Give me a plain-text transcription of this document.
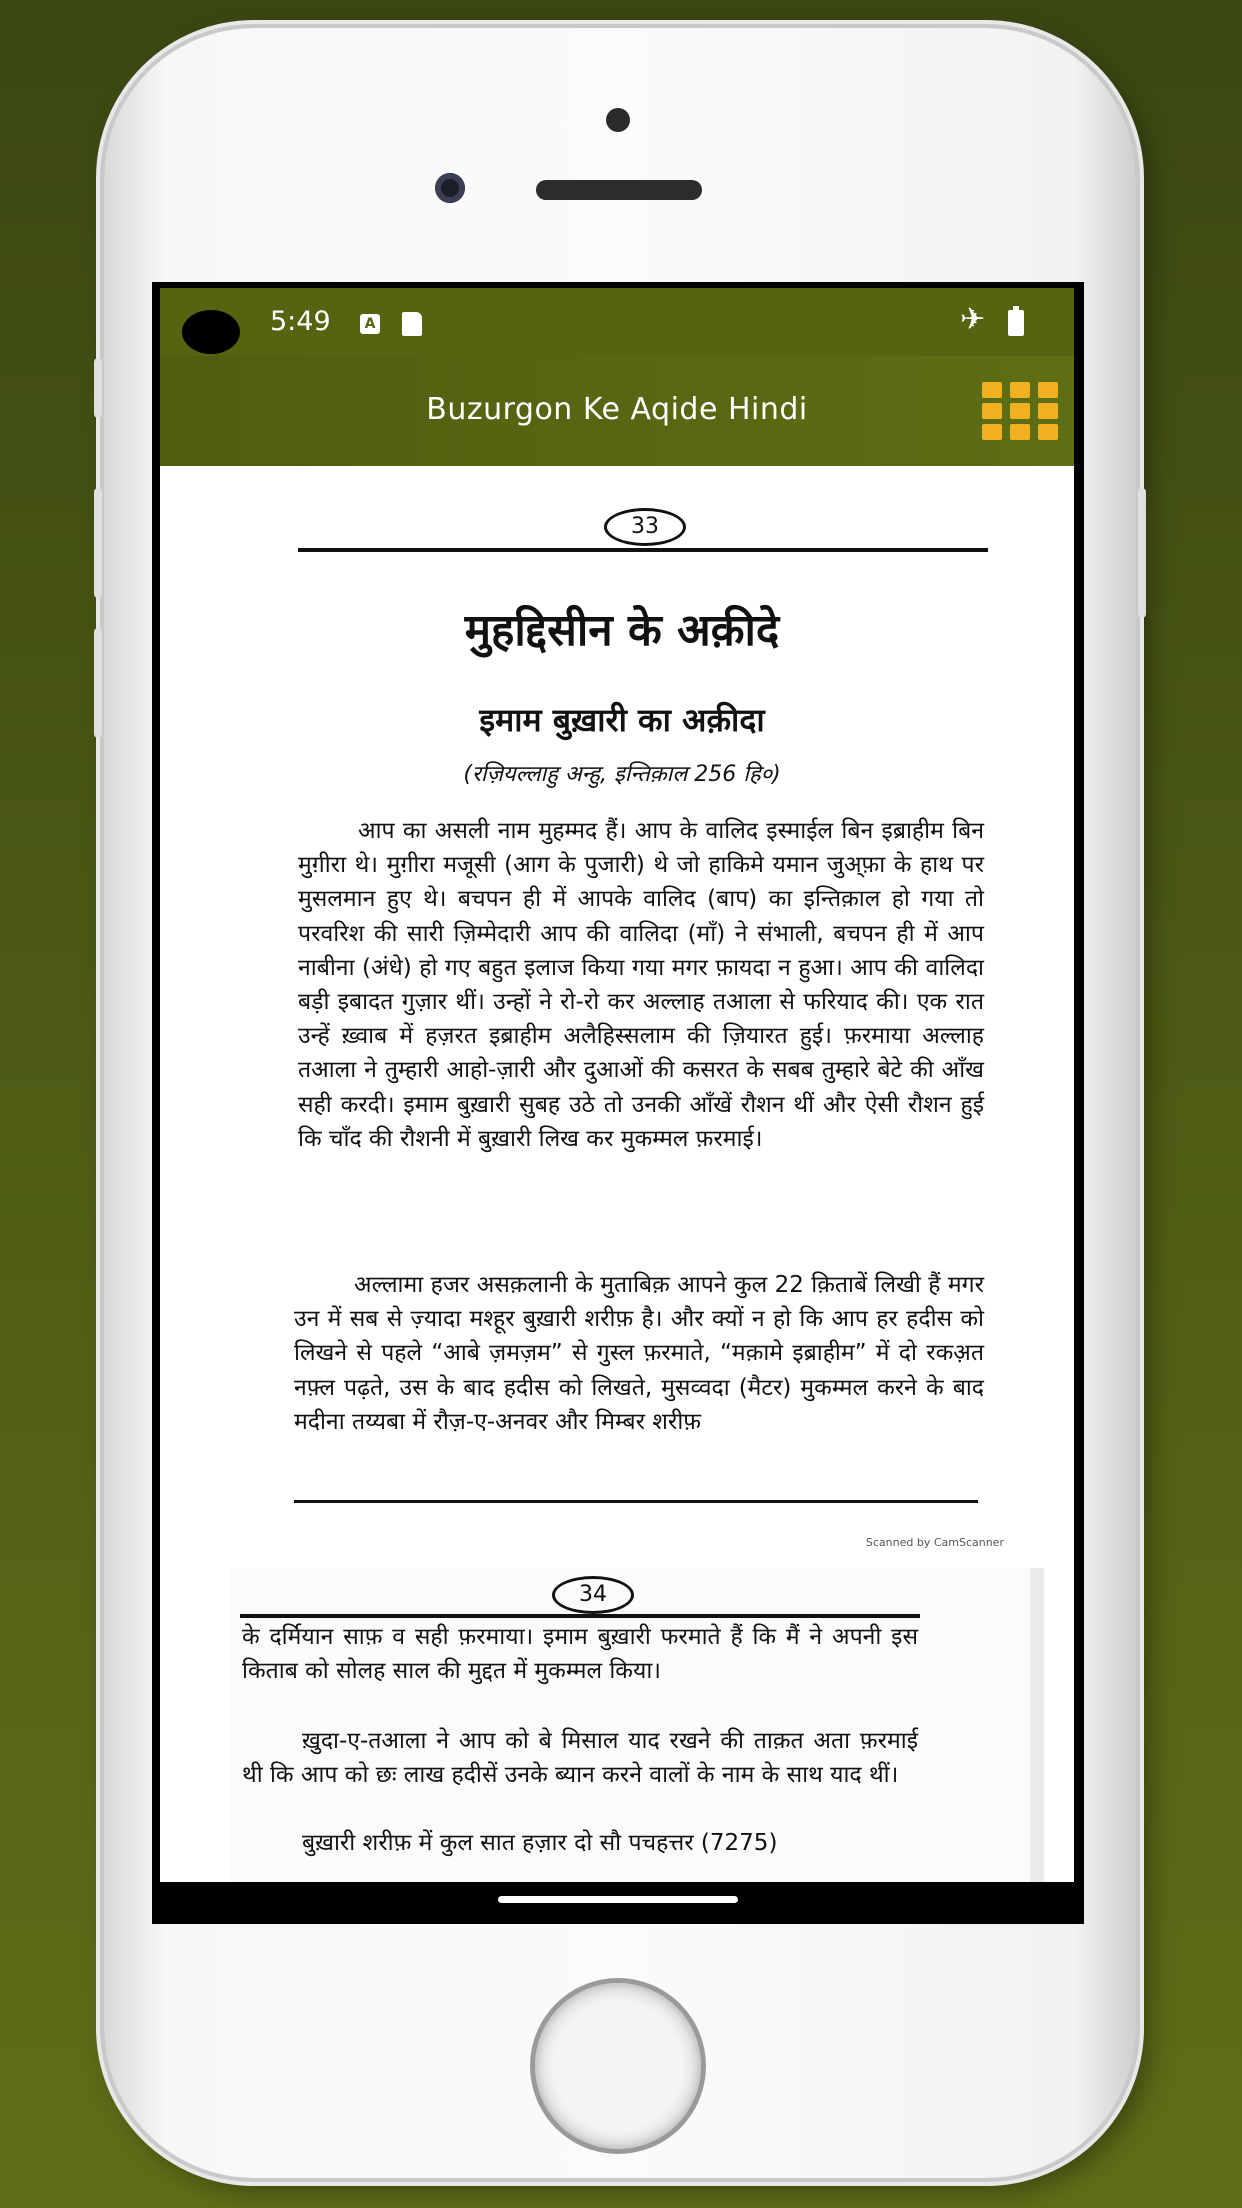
5:49	A	✈
Buzurgon Ke Aqide Hindi
33
मुहद्दिसीन के अक़ीदे
इमाम बुख़ारी का अक़ीदा
(रज़ियल्लाहु अन्हु, इन्तिक़ाल 256 हि०)
आप का असली नाम मुहम्मद हैं। आप के वालिद इस्माईल बिन इब्राहीम बिन मुग़ीरा थे। मुग़ीरा मजूसी (आग के पुजारी) थे जो हाकिमे यमान जुअ्फ़ा के हाथ पर मुसलमान हुए थे। बचपन ही में आपके वालिद (बाप) का इन्तिक़ाल हो गया तो परवरिश की सारी ज़िम्मेदारी आप की वालिदा (माँ) ने संभाली, बचपन ही में आप नाबीना (अंधे) हो गए बहुत इलाज किया गया मगर फ़ायदा न हुआ। आप की वालिदा बड़ी इबादत गुज़ार थीं। उन्हों ने रो-रो कर अल्लाह तआला से फरियाद की। एक रात उन्हें ख़्वाब में हज़रत इब्राहीम अलैहिस्सलाम की ज़ियारत हुई। फ़रमाया अल्लाह तआला ने तुम्हारी आहो-ज़ारी और दुआओं की कसरत के सबब तुम्हारे बेटे की आँख सही करदी। इमाम बुख़ारी सुबह उठे तो उनकी आँखें रौशन थीं और ऐसी रौशन हुई कि चाँद की रौशनी में बुख़ारी लिख कर मुकम्मल फ़रमाई।
अल्लामा हजर असक़लानी के मुताबिक़ आपने कुल 22 क़िताबें लिखी हैं मगर उन में सब से ज़्यादा मश्हूर बुख़ारी शरीफ़ है। और क्यों न हो कि आप हर हदीस को लिखने से पहले “आबे ज़मज़म” से गुस्ल फ़रमाते, “मक़ामे इब्राहीम” में दो रकअ़त नफ़्ल पढ़ते, उस के बाद हदीस को लिखते, मुसव्वदा (मैटर) मुकम्मल करने के बाद मदीना तय्यबा में रौज़-ए-अनवर और मिम्बर शरीफ़
Scanned by CamScanner
34
के दर्मियान साफ़ व सही फ़रमाया। इमाम बुख़ारी फरमाते हैं कि मैं ने अपनी इस किताब को सोलह साल की मुद्दत में मुकम्मल किया।
ख़ुदा-ए-तआला ने आप को बे मिसाल याद रखने की ताक़त अता फ़रमाई थी कि आप को छः लाख हदीसें उनके ब्यान करने वालों के नाम के साथ याद थीं।
बुख़ारी शरीफ़ में कुल सात हज़ार दो सौ पचहत्तर (7275)
